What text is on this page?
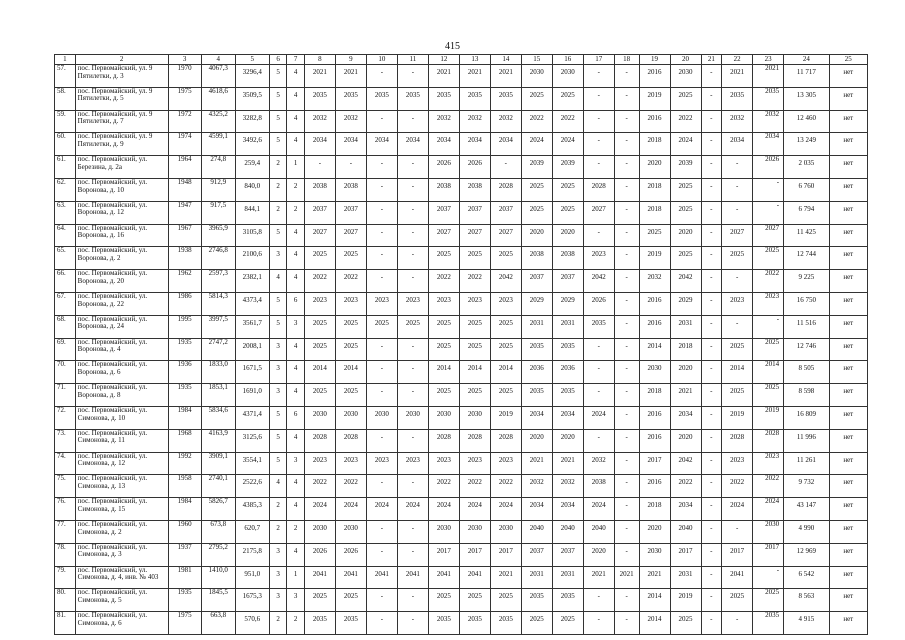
415
1	2	3	4	5	6	7	8	9	10	11	12	13	14	15	16	17	18	19	20	21	22	23	24	25
57.	пос. Первомайский, ул. 9 Пятилетки, д. 3	1970	4067,3	3296,4	5	4	2021	2021	-	-	2021	2021	2021	2030	2030	-	-	2016	2030	-	2021	2021	11 717	нет
58.	пос. Первомайский, ул. 9 Пятилетки, д. 5	1975	4618,6	3509,5	5	4	2035	2035	2035	2035	2035	2035	2035	2025	2025	-	-	2019	2025	-	2035	2035	13 305	нет
59.	пос. Первомайский, ул. 9 Пятилетки, д. 7	1972	4325,2	3282,8	5	4	2032	2032	-	-	2032	2032	2032	2022	2022	-	-	2016	2022	-	2032	2032	12 460	нет
60.	пос. Первомайский, ул. 9 Пятилетки, д. 9	1974	4599,1	3492,6	5	4	2034	2034	2034	2034	2034	2034	2034	2024	2024	-	-	2018	2024	-	2034	2034	13 249	нет
61.	пос. Первомайский, ул. Березина, д. 2а	1964	274,8	259,4	2	1	-	-	-	-	2026	2026	-	2039	2039	-	-	2020	2039	-	-	2026	2 035	нет
62.	пос. Первомайский, ул. Воронова, д. 10	1948	912,9	840,0	2	2	2038	2038	-	-	2038	2038	2028	2025	2025	2028	-	2018	2025	-	-	-	6 760	нет
63.	пос. Первомайский, ул. Воронова, д. 12	1947	917,5	844,1	2	2	2037	2037	-	-	2037	2037	2037	2025	2025	2027	-	2018	2025	-	-	-	6 794	нет
64.	пос. Первомайский, ул. Воронова, д. 16	1967	3965,9	3105,8	5	4	2027	2027	-	-	2027	2027	2027	2020	2020	-	-	2025	2020	-	2027	2027	11 425	нет
65.	пос. Первомайский, ул. Воронова, д. 2	1938	2746,8	2100,6	3	4	2025	2025	-	-	2025	2025	2025	2038	2038	2023	-	2019	2025	-	2025	2025	12 744	нет
66.	пос. Первомайский, ул. Воронова, д. 20	1962	2597,3	2382,1	4	4	2022	2022	-	-	2022	2022	2042	2037	2037	2042	-	2032	2042	-	-	2022	9 225	нет
67.	пос. Первомайский, ул. Воронова, д. 22	1986	5814,3	4373,4	5	6	2023	2023	2023	2023	2023	2023	2023	2029	2029	2026	-	2016	2029	-	2023	2023	16 750	нет
68.	пос. Первомайский, ул. Воронова, д. 24	1995	3997,5	3561,7	5	3	2025	2025	2025	2025	2025	2025	2025	2031	2031	2035	-	2016	2031	-	-	-	11 516	нет
69.	пос. Первомайский, ул. Воронова, д. 4	1935	2747,2	2008,1	3	4	2025	2025	-	-	2025	2025	2025	2035	2035	-	-	2014	2018	-	2025	2025	12 746	нет
70.	пос. Первомайский, ул. Воронова, д. 6	1936	1833,0	1671,5	3	4	2014	2014	-	-	2014	2014	2014	2036	2036	-	-	2030	2020	-	2014	2014	8 505	нет
71.	пос. Первомайский, ул. Воронова, д. 8	1935	1853,1	1691,0	3	4	2025	2025	-	-	2025	2025	2025	2035	2035	-	-	2018	2021	-	2025	2025	8 598	нет
72.	пос. Первомайский, ул. Симонова, д. 10	1984	5834,6	4371,4	5	6	2030	2030	2030	2030	2030	2030	2019	2034	2034	2024	-	2016	2034	-	2019	2019	16 809	нет
73.	пос. Первомайский, ул. Симонова, д. 11	1968	4163,9	3125,6	5	4	2028	2028	-	-	2028	2028	2028	2020	2020	-	-	2016	2020	-	2028	2028	11 996	нет
74.	пос. Первомайский, ул. Симонова, д. 12	1992	3909,1	3554,1	5	3	2023	2023	2023	2023	2023	2023	2023	2021	2021	2032	-	2017	2042	-	2023	2023	11 261	нет
75.	пос. Первомайский, ул. Симонова, д. 13	1958	2740,1	2522,6	4	4	2022	2022	-	-	2022	2022	2022	2032	2032	2038	-	2016	2022	-	2022	2022	9 732	нет
76.	пос. Первомайский, ул. Симонова, д. 15	1984	5826,7	4385,3	2	4	2024	2024	2024	2024	2024	2024	2024	2034	2034	2024	-	2018	2034	-	2024	2024	43 147	нет
77.	пос. Первомайский, ул. Симонова, д. 2	1960	673,8	620,7	2	2	2030	2030	-	-	2030	2030	2030	2040	2040	2040	-	2020	2040	-	-	2030	4 990	нет
78.	пос. Первомайский, ул. Симонова, д. 3	1937	2795,2	2175,8	3	4	2026	2026	-	-	2017	2017	2017	2037	2037	2020	-	2030	2017	-	2017	2017	12 969	нет
79.	пос. Первомайский, ул. Симонова, д. 4, инв. № 403	1981	1410,0	951,0	3	1	2041	2041	2041	2041	2041	2041	2021	2031	2031	2021	2021	2021	2031	-	2041	-	6 542	нет
80.	пос. Первомайский, ул. Симонова, д. 5	1935	1845,5	1675,3	3	3	2025	2025	-	-	2025	2025	2025	2035	2035	-	-	2014	2019	-	2025	2025	8 563	нет
81.	пос. Первомайский, ул. Симонова, д. 6	1975	663,8	570,6	2	2	2035	2035	-	-	2035	2035	2035	2025	2025	-	-	2014	2025	-	-	2035	4 915	нет
